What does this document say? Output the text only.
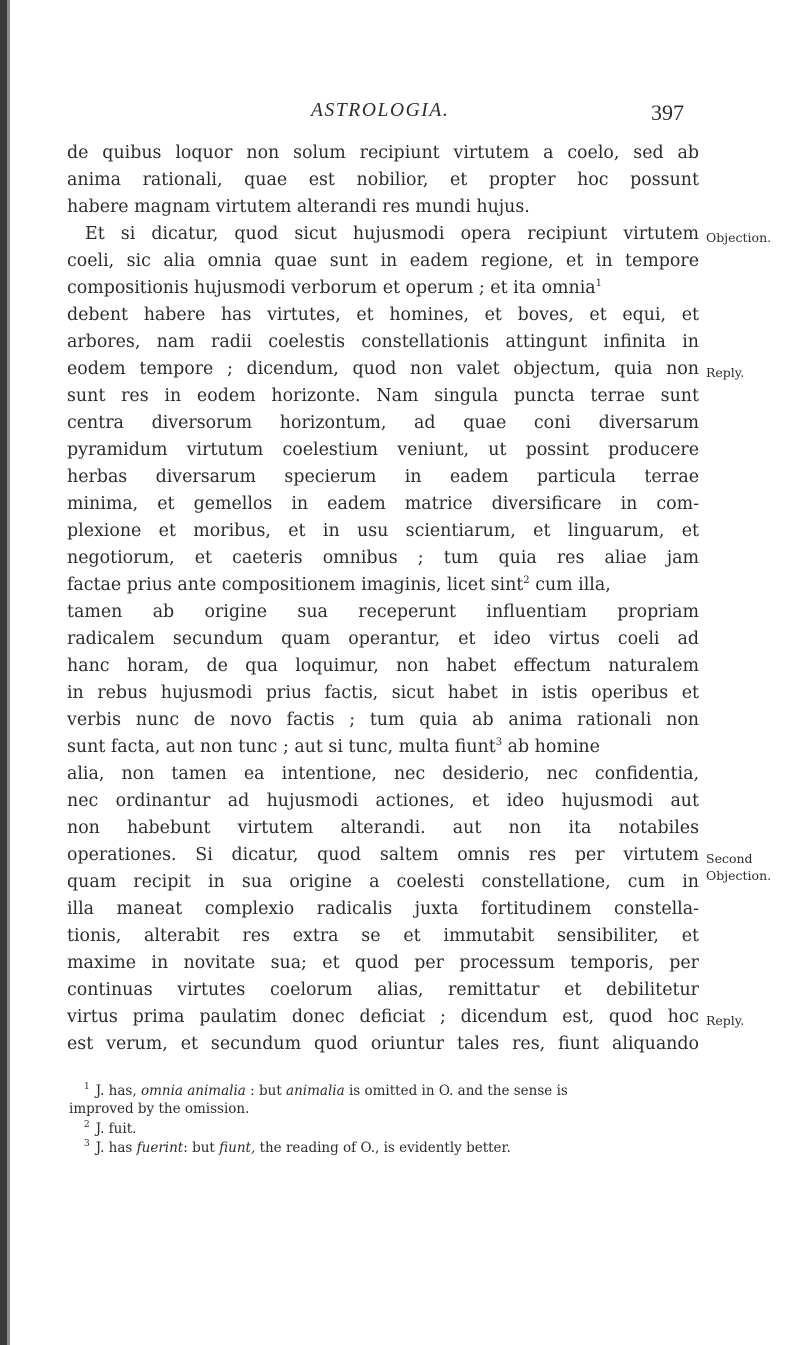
ASTROLOGIA.	397
de quibus loquor non solum recipiunt virtutem a coelo, sed ab
anima rationali, quae est nobilior, et propter hoc possunt
habere magnam virtutem alterandi res mundi hujus.
Et si dicatur, quod sicut hujusmodi opera recipiunt virtutem
coeli, sic alia omnia quae sunt in eadem regione, et in tempore
compositionis hujusmodi verborum et operum ; et ita omnia$^1$
debent habere has virtutes, et homines, et boves, et equi, et
arbores, nam radii coelestis constellationis attingunt infinita in
eodem tempore ; dicendum, quod non valet objectum, quia non
sunt res in eodem horizonte. Nam singula puncta terrae sunt
centra diversorum horizontum, ad quae coni diversarum
pyramidum virtutum coelestium veniunt, ut possint producere
herbas diversarum specierum in eadem particula terrae
minima, et gemellos in eadem matrice diversificare in com-
plexione et moribus, et in usu scientiarum, et linguarum, et
negotiorum, et caeteris omnibus ; tum quia res aliae jam
factae prius ante compositionem imaginis, licet sint$^2$ cum illa,
tamen ab origine sua receperunt influentiam propriam
radicalem secundum quam operantur, et ideo virtus coeli ad
hanc horam, de qua loquimur, non habet effectum naturalem
in rebus hujusmodi prius factis, sicut habet in istis operibus et
verbis nunc de novo factis ; tum quia ab anima rationali non
sunt facta, aut non tunc ; aut si tunc, multa fiunt$^3$ ab homine
alia, non tamen ea intentione, nec desiderio, nec confidentia,
nec ordinantur ad hujusmodi actiones, et ideo hujusmodi aut
non habebunt virtutem alterandi. aut non ita notabiles
operationes. Si dicatur, quod saltem omnis res per virtutem
quam recipit in sua origine a coelesti constellatione, cum in
illa maneat complexio radicalis juxta fortitudinem constella-
tionis, alterabit res extra se et immutabit sensibiliter, et
maxime in novitate sua; et quod per processum temporis, per
continuas virtutes coelorum alias, remittatur et debilitetur
virtus prima paulatim donec deficiat ; dicendum est, quod hoc
est verum, et secundum quod oriuntur tales res, fiunt aliquando
Objection.
Reply.
Second
Objection.
Reply.
$^1$ J. has, omnia animalia : but animalia is omitted in O. and the sense is
improved by the omission.
$^2$ J. fuit.
$^3$ J. has fuerint: but fiunt, the reading of O., is evidently better.
